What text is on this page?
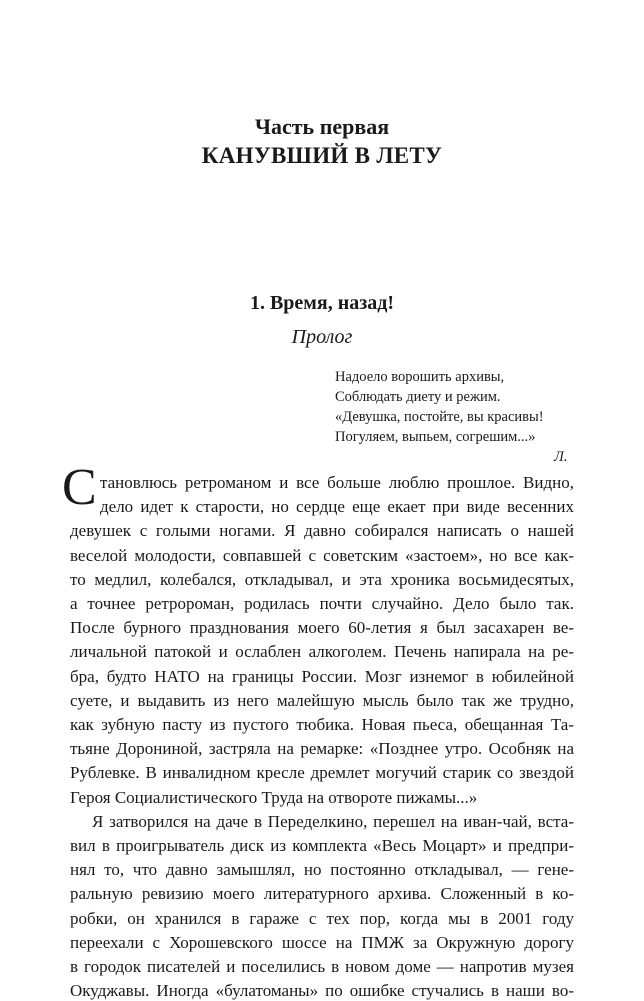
Часть первая
КАНУВШИЙ В ЛЕТУ
1. Время, назад!
Пролог
Надоело ворошить архивы,
Соблюдать диету и режим.
«Девушка, постойте, вы красивы!
Погуляем, выпьем, согрешим...»
Л.
С тановлюсь ретроманом и все больше люблю прошлое. Видно,
дело идет к старости, но сердце еще екает при виде весенних
девушек с голыми ногами. Я давно собирался написать о нашей
веселой молодости, совпавшей с советским «застоем», но все как-
то медлил, колебался, откладывал, и эта хроника восьмидесятых,
а точнее ретророман, родилась почти случайно. Дело было так.
После бурного празднования моего 60-летия я был засахарен ве-
личальной патокой и ослаблен алкоголем. Печень напирала на ре-
бра, будто НАТО на границы России. Мозг изнемог в юбилейной
суете, и выдавить из него малейшую мысль было так же трудно,
как зубную пасту из пустого тюбика. Новая пьеса, обещанная Та-
тьяне Дорониной, застряла на ремарке: «Позднее утро. Особняк на
Рублевке. В инвалидном кресле дремлет могучий старик со звездой
Героя Социалистического Труда на отвороте пижамы...»
Я затворился на даче в Переделкино, перешел на иван-чай, вста-
вил в проигрыватель диск из комплекта «Весь Моцарт» и предпри-
нял то, что давно замышлял, но постоянно откладывал, — гене-
ральную ревизию моего литературного архива. Сложенный в ко-
робки, он хранился в гараже с тех пор, когда мы в 2001 году
переехали с Хорошевского шоссе на ПМЖ за Окружную дорогу
в городок писателей и поселились в новом доме — напротив музея
Окуджавы. Иногда «булатоманы» по ошибке стучались в наши во-
